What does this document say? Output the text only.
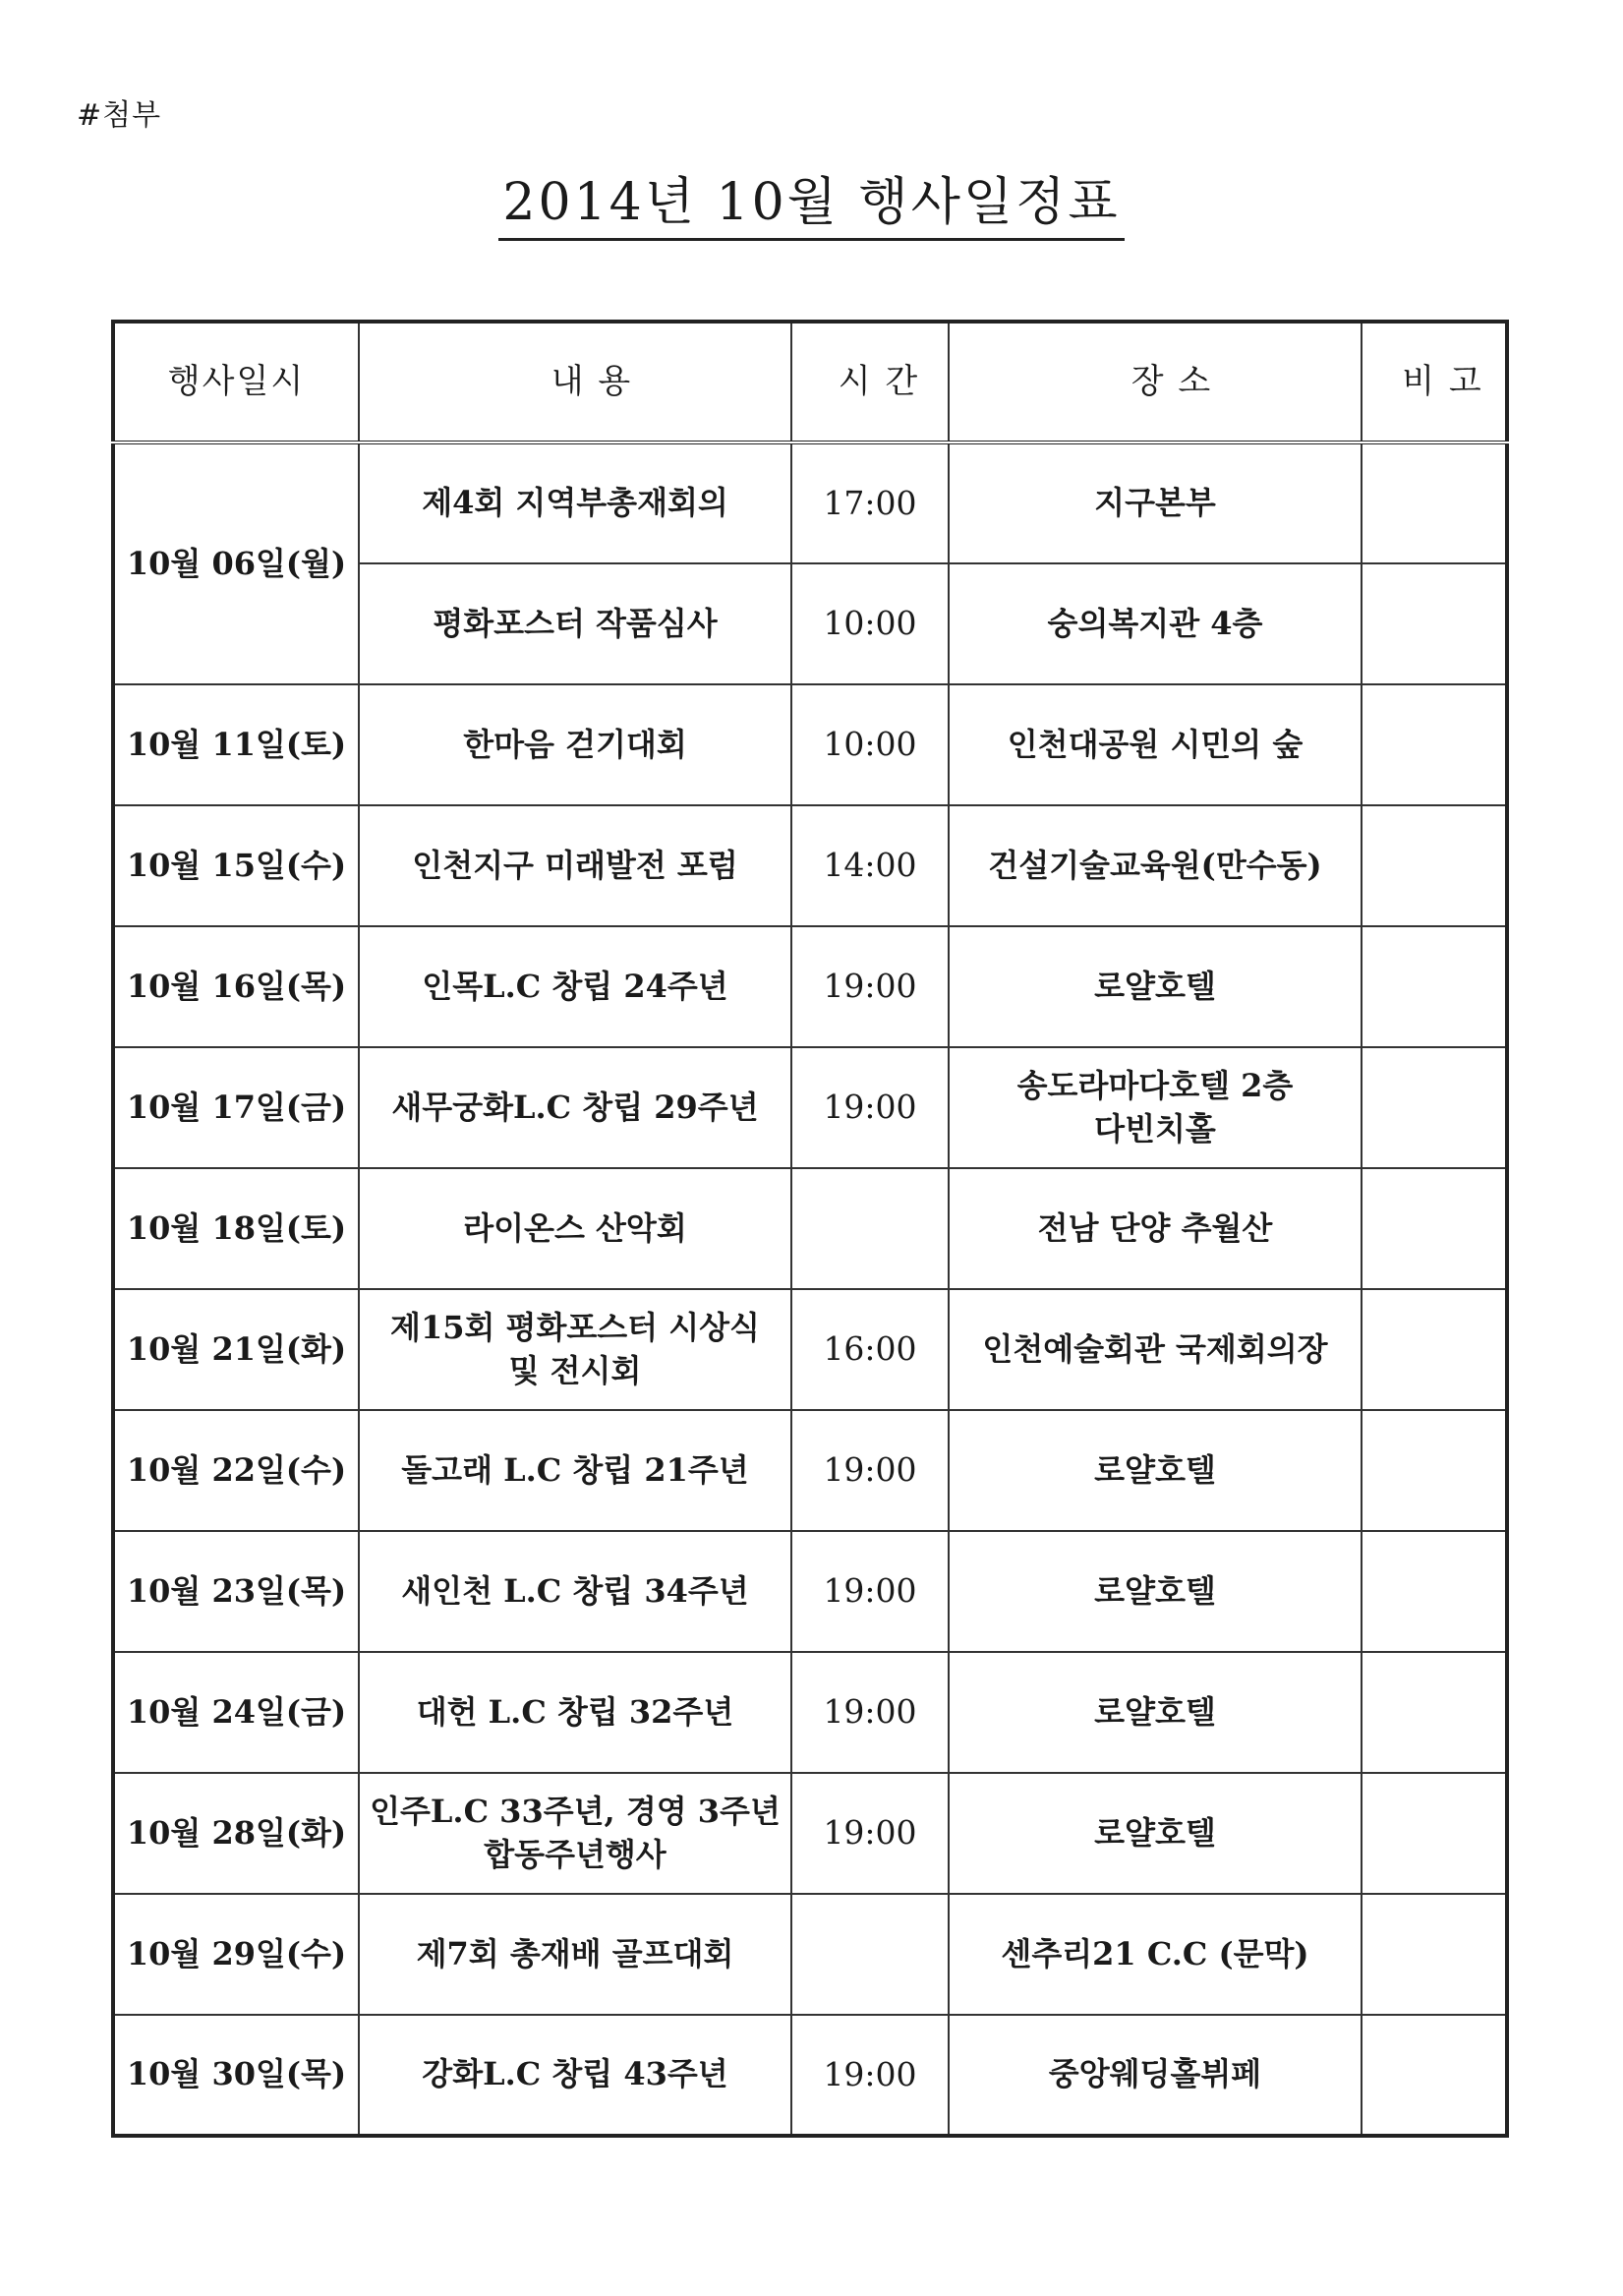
#첨부
2014년 10월 행사일정표
행사일시	내 용	시 간	장 소	비 고
10월 06일(월)	제4회 지역부총재회의	17:00	지구본부	
	평화포스터 작품심사	10:00	숭의복지관 4층	
10월 11일(토)	한마음 걷기대회	10:00	인천대공원 시민의 숲	
10월 15일(수)	인천지구 미래발전 포럼	14:00	건설기술교육원(만수동)	
10월 16일(목)	인목L.C 창립 24주년	19:00	로얄호텔	
10월 17일(금)	새무궁화L.C 창립 29주년	19:00	송도라마다호텔 2층
다빈치홀	

10월 18일(토)	라이온스 산악회		전남 단양 추월산	
10월 21일(화)	제15회 평화포스터 시상식
및 전시회	16:00	인천예술회관 국제회의장	
10월 22일(수)	돌고래 L.C 창립 21주년	19:00	로얄호텔	
10월 23일(목)	새인천 L.C 창립 34주년	19:00	로얄호텔	
10월 24일(금)	대헌 L.C 창립 32주년	19:00	로얄호텔	
10월 28일(화)	인주L.C 33주년, 경영 3주년
합동주년행사	19:00	로얄호텔	
10월 29일(수)	제7회 총재배 골프대회		센추리21 C.C (문막)	
10월 30일(목)	강화L.C 창립 43주년	19:00	중앙웨딩홀뷔페	
